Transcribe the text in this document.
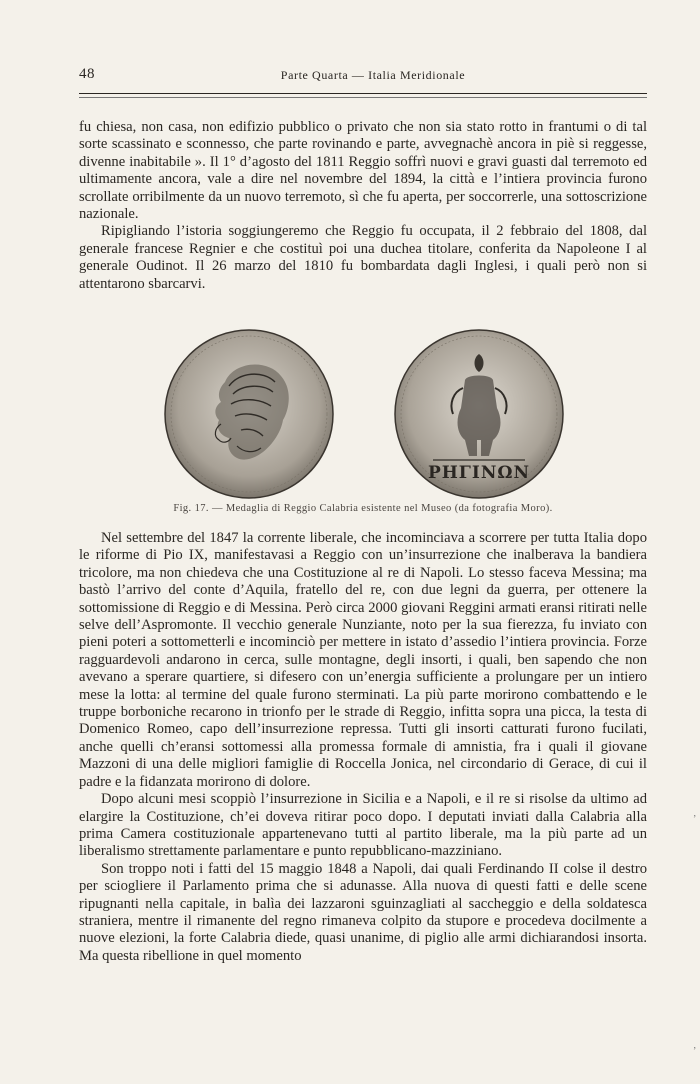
48	Parte Quarta — Italia Meridionale

fu chiesa, non casa, non edifizio pubblico o privato che non sia stato rotto in frantumi o di tal sorte scassinato e sconnesso, che parte rovinando e parte, avvegnachè ancora in piè si reggesse, divenne inabitabile ». Il 1° d’agosto del 1811 Reggio soffrì nuovi e gravi guasti dal terremoto ed ultimamente ancora, vale a dire nel novembre del 1894, la città e l’intiera provincia furono scrollate orribilmente da un nuovo terremoto, sì che fu aperta, per soccorrerle, una sottoscrizione nazionale.

Ripigliando l’istoria soggiungeremo che Reggio fu occupata, il 2 febbraio del 1808, dal generale francese Regnier e che costituì poi una duchea titolare, conferita da Napoleone I al generale Oudinot. Il 26 marzo del 1810 fu bombardata dagli Inglesi, i quali però non si attentarono sbarcarvi.

ΡΗΓΙΝΩΝ
Fig. 17. — Medaglia di Reggio Calabria esistente nel Museo (da fotografia Moro).

Nel settembre del 1847 la corrente liberale, che incominciava a scorrere per tutta Italia dopo le riforme di Pio IX, manifestavasi a Reggio con un’insurrezione che inalberava la bandiera tricolore, ma non chiedeva che una Costituzione al re di Napoli. Lo stesso faceva Messina; ma bastò l’arrivo del conte d’Aquila, fratello del re, con due legni da guerra, per ottenere la sottomissione di Reggio e di Messina. Però circa 2000 giovani Reggini armati eransi ritirati nelle selve dell’Aspromonte. Il vecchio generale Nunziante, noto per la sua fierezza, fu inviato con pieni poteri a sottometterli e incominciò per mettere in istato d’assedio l’intiera provincia. Forze ragguardevoli andarono in cerca, sulle montagne, degli insorti, i quali, ben sapendo che non avevano a sperare quartiere, si difesero con un’energia sufficiente a prolungare per un intiero mese la lotta: al termine del quale furono sterminati. La più parte morirono combattendo e le truppe borboniche recarono in trionfo per le strade di Reggio, infitta sopra una picca, la testa di Domenico Romeo, capo dell’insurrezione repressa. Tutti gli insorti catturati furono fucilati, anche quelli ch’eransi sottomessi alla promessa formale di amnistia, fra i quali il giovane Mazzoni di una delle migliori famiglie di Roccella Jonica, nel circondario di Gerace, di cui il padre e la fidanzata morirono di dolore.

Dopo alcuni mesi scoppiò l’insurrezione in Sicilia e a Napoli, e il re si risolse da ultimo ad elargire la Costituzione, ch’ei doveva ritirar poco dopo. I deputati inviati dalla Calabria alla prima Camera costituzionale appartenevano tutti al partito liberale, ma la più parte ad un liberalismo strettamente parlamentare e punto repubblicano-mazziniano.

Son troppo noti i fatti del 15 maggio 1848 a Napoli, dai quali Ferdinando II colse il destro per sciogliere il Parlamento prima che si adunasse. Alla nuova di questi fatti e delle scene ripugnanti nella capitale, in balìa dei lazzaroni sguinzagliati al saccheggio e della soldatesca straniera, mentre il rimanente del regno rimaneva colpito da stupore e procedeva docilmente a nuove elezioni, la forte Calabria diede, quasi unanime, di piglio alle armi dichiarandosi insorta. Ma questa ribellione in quel momento

,
,
